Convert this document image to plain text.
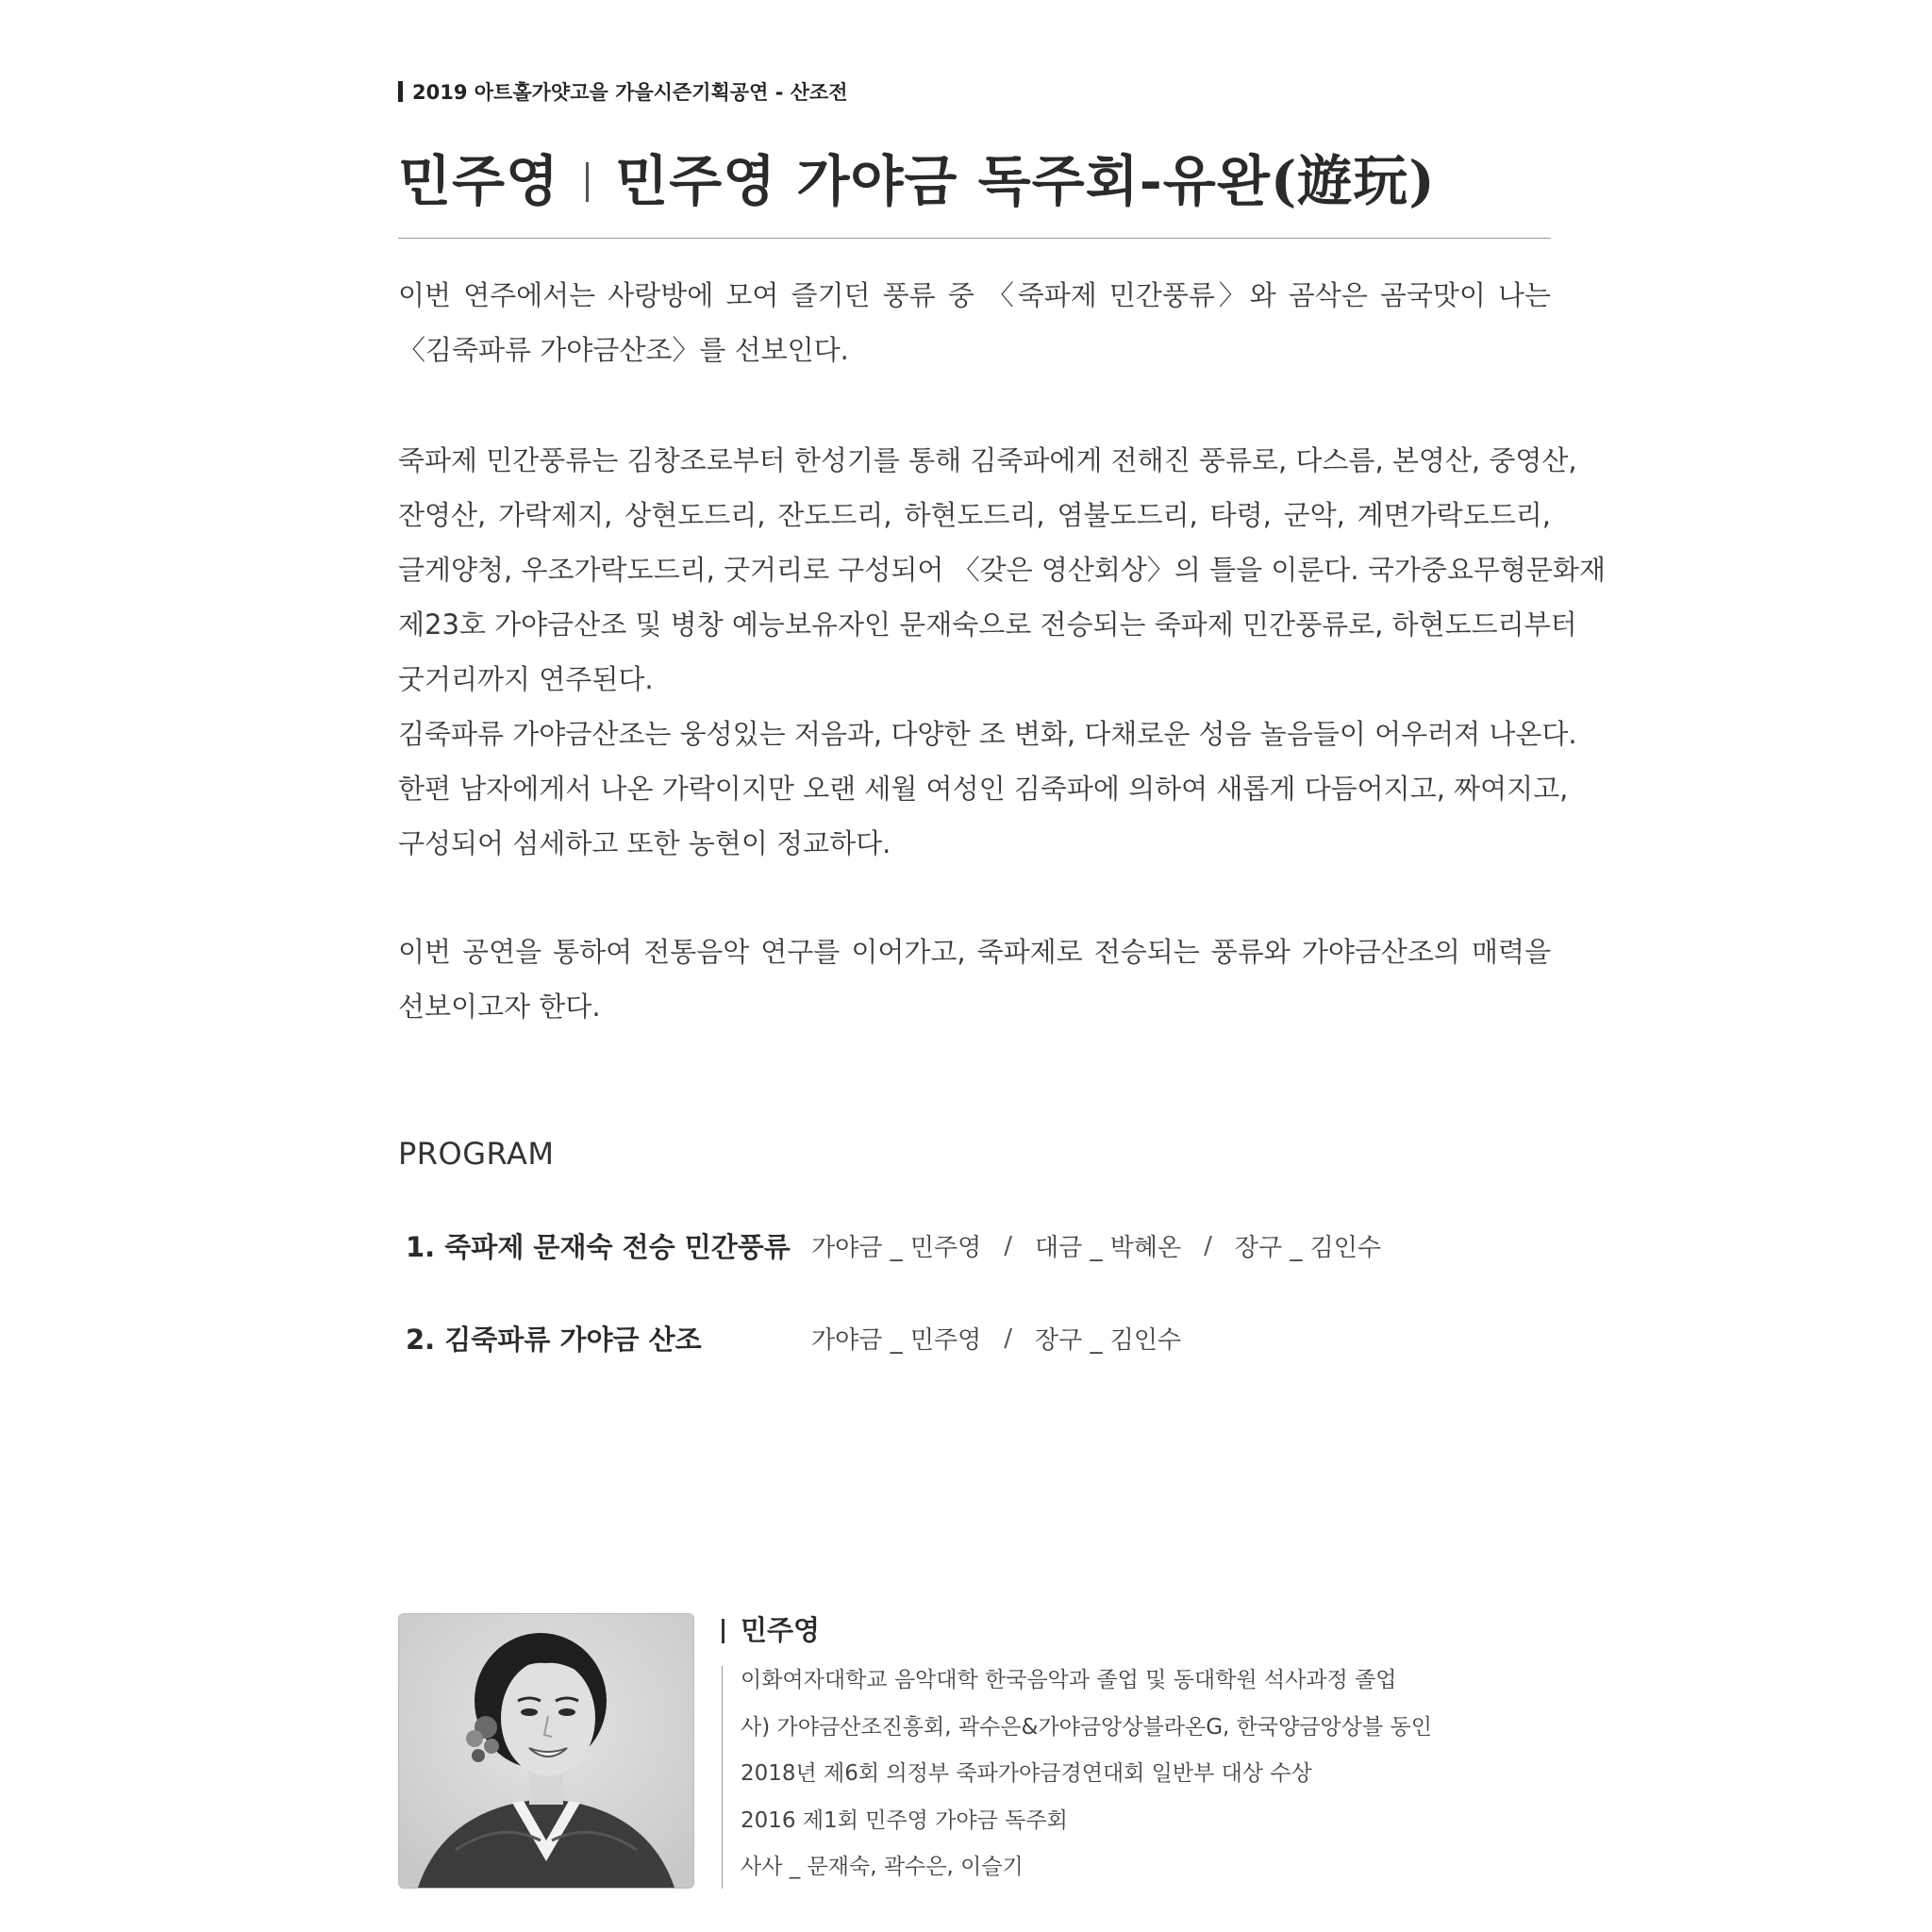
2019 아트홀가얏고을 가을시즌기획공연 - 산조전
민주영 민주영 가야금 독주회-유완(遊玩)
이번 연주에서는 사랑방에 모여 즐기던 풍류 중 〈죽파제 민간풍류〉와 곰삭은 곰국맛이 나는
〈김죽파류 가야금산조〉를 선보인다.
죽파제 민간풍류는 김창조로부터 한성기를 통해 김죽파에게 전해진 풍류로, 다스름, 본영산, 중영산,
잔영산, 가락제지, 상현도드리, 잔도드리, 하현도드리, 염불도드리, 타령, 군악, 계면가락도드리,
글게양청, 우조가락도드리, 굿거리로 구성되어 〈갖은 영산회상〉의 틀을 이룬다. 국가중요무형문화재
제23호 가야금산조 및 병창 예능보유자인 문재숙으로 전승되는 죽파제 민간풍류로, 하현도드리부터
굿거리까지 연주된다.
김죽파류 가야금산조는 웅성있는 저음과, 다양한 조 변화, 다채로운 성음 놀음들이 어우러져 나온다.
한편 남자에게서 나온 가락이지만 오랜 세월 여성인 김죽파에 의하여 새롭게 다듬어지고, 짜여지고,
구성되어 섬세하고 또한 농현이 정교하다.
이번 공연을 통하여 전통음악 연구를 이어가고, 죽파제로 전승되는 풍류와 가야금산조의 매력을
선보이고자 한다.
PROGRAM
1. 죽파제 문재숙 전승 민간풍류 가야금 _ 민주영 / 대금 _ 박혜온 / 장구 _ 김인수
2. 김죽파류 가야금 산조	가야금 _ 민주영 / 장구 _ 김인수
민주영
이화여자대학교 음악대학 한국음악과 졸업 및 동대학원 석사과정 졸업
사) 가야금산조진흥회, 곽수은&가야금앙상블라온G, 한국양금앙상블 동인
2018년 제6회 의정부 죽파가야금경연대회 일반부 대상 수상
2016 제1회 민주영 가야금 독주회
사사 _ 문재숙, 곽수은, 이슬기
